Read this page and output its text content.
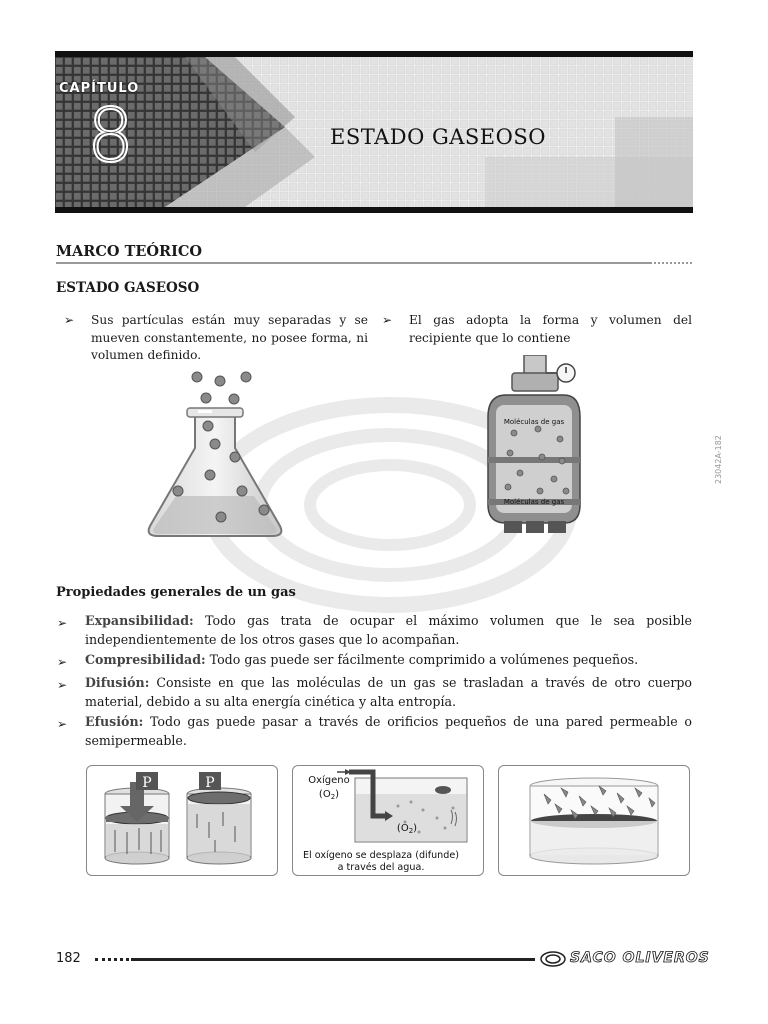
CAPÍTULO
8	ESTADO GASEOSO
MARCO TEÓRICO
ESTADO GASEOSO
➢ Sus partículas están muy separadas y se mueven constantemente, no posee forma, ni volumen definido.
➢ El gas adopta la forma y volumen del recipiente que lo contiene
Moléculas de gas
Moléculas de gas
23042A-182
Propiedades generales de un gas
➢ Expansibilidad: Todo gas trata de ocupar el máximo volumen que le sea posible independientemente de los otros gases que lo acompañan.
➢ Compresibilidad: Todo gas puede ser fácilmente comprimido a volúmenes pequeños.
➢ Difusión: Consiste en que las moléculas de un gas se trasladan a través de otro cuerpo material, debido a su alta energía cinética y alta entropía.
➢ Efusión: Todo gas puede pasar a través de orificios pequeños de una pared permeable o semipermeable.
P	P	Oxígeno
$(O_2)$
$(O_2)$
El oxígeno se desplaza (difunde)
a través del agua.
182	SACO OLIVEROS
